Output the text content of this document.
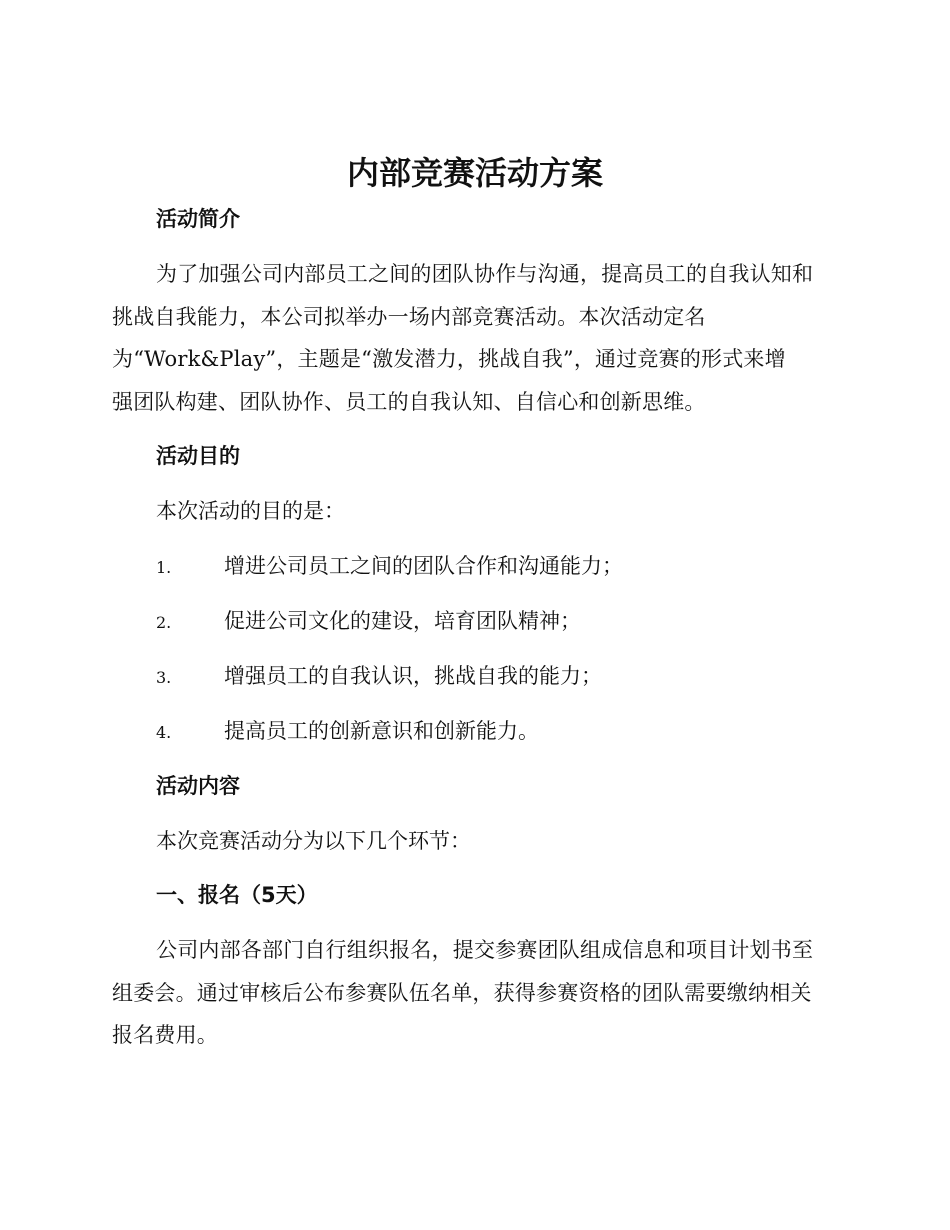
内部竞赛活动方案
活动简介
为了加强公司内部员工之间的团队协作与沟通，提高员工的自我认知和
挑战自我能力，本公司拟举办一场内部竞赛活动。本次活动定名
为“Work&Play”，主题是“激发潜力，挑战自我”，通过竞赛的形式来增
强团队构建、团队协作、员工的自我认知、自信心和创新思维。
活动目的

本次活动的目的是：

1.	增进公司员工之间的团队合作和沟通能力；
2.	促进公司文化的建设，培育团队精神；
3.	增强员工的自我认识，挑战自我的能力；
4.	提高员工的创新意识和创新能力。
活动内容

本次竞赛活动分为以下几个环节：

一、报名（5天）
公司内部各部门自行组织报名，提交参赛团队组成信息和项目计划书至
组委会。通过审核后公布参赛队伍名单，获得参赛资格的团队需要缴纳相关
报名费用。
